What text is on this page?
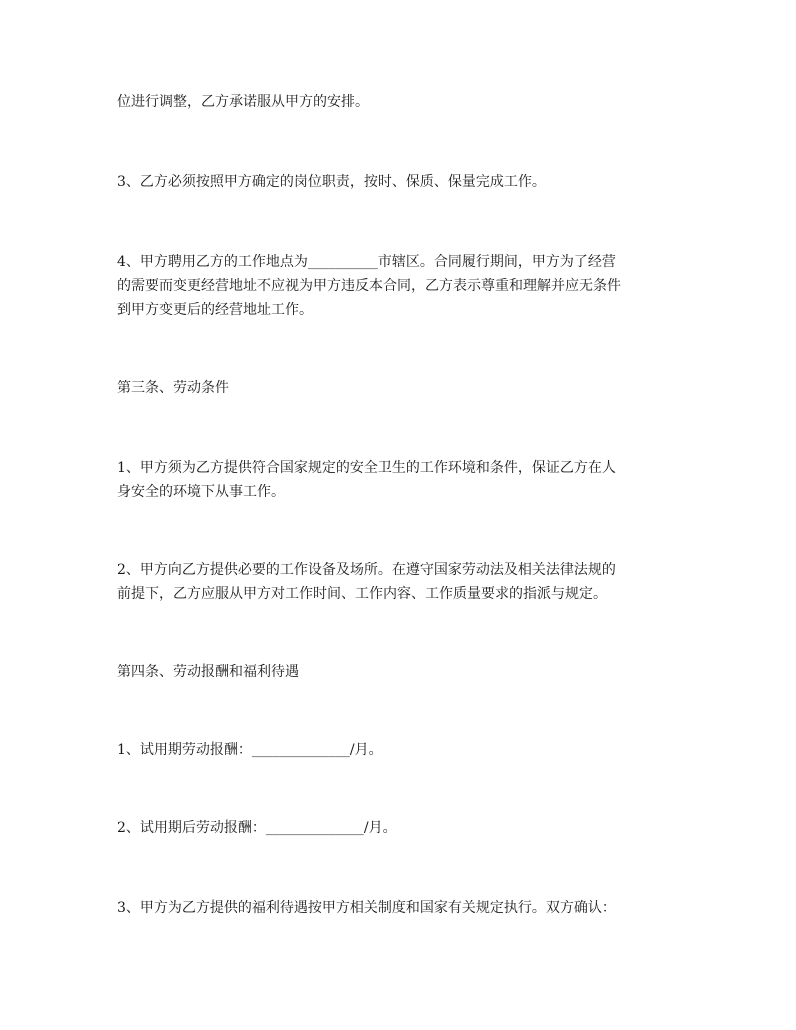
位进行调整，乙方承诺服从甲方的安排。
3、乙方必须按照甲方确定的岗位职责，按时、保质、保量完成工作。
4、甲方聘用乙方的工作地点为__________市辖区。合同履行期间，甲方为了经营
的需要而变更经营地址不应视为甲方违反本合同，乙方表示尊重和理解并应无条件
到甲方变更后的经营地址工作。
第三条、劳动条件
1、甲方须为乙方提供符合国家规定的安全卫生的工作环境和条件，保证乙方在人
身安全的环境下从事工作。
2、甲方向乙方提供必要的工作设备及场所。在遵守国家劳动法及相关法律法规的
前提下，乙方应服从甲方对工作时间、工作内容、工作质量要求的指派与规定。
第四条、劳动报酬和福利待遇
1、试用期劳动报酬：______________/月。
2、试用期后劳动报酬：______________/月。
3、甲方为乙方提供的福利待遇按甲方相关制度和国家有关规定执行。双方确认：
